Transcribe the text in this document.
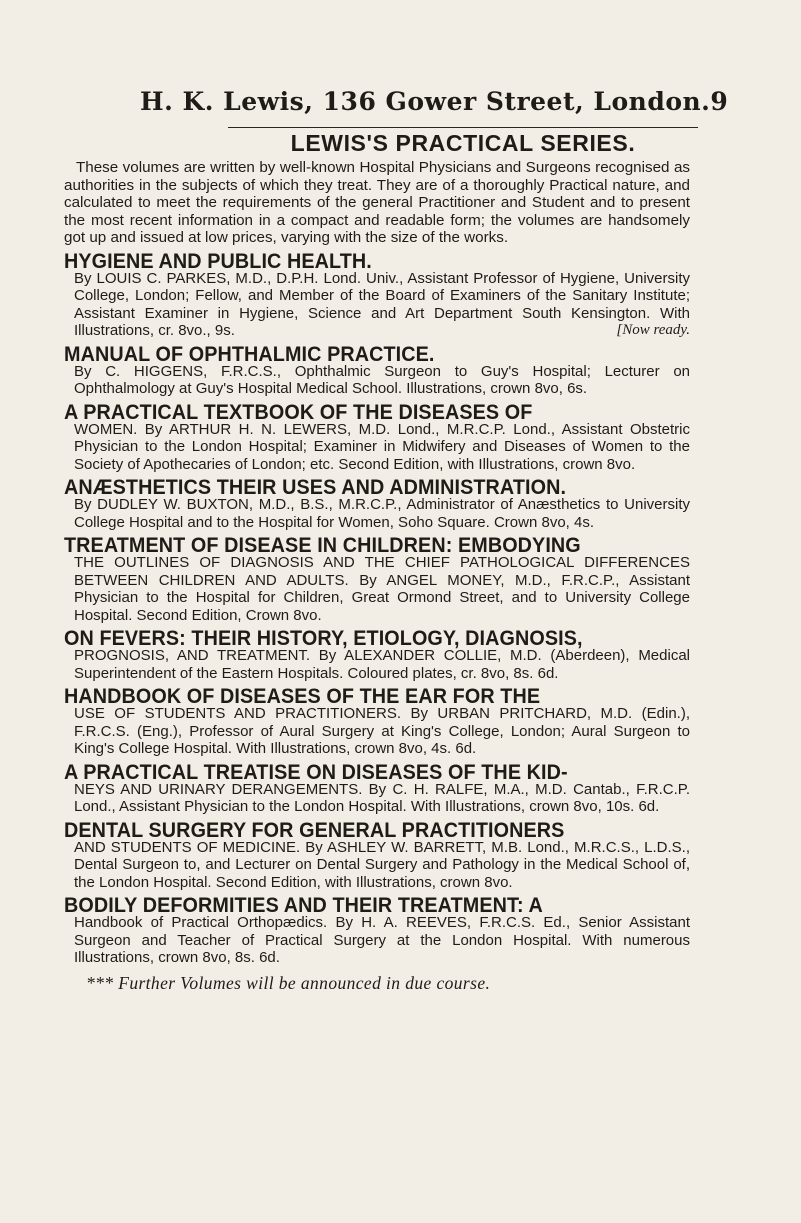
H. K. Lewis, 136 Gower Street, London. 9
LEWIS'S PRACTICAL SERIES.

These volumes are written by well-known Hospital Physicians and Surgeons recognised as authorities in the subjects of which they treat. They are of a thoroughly Practical nature, and calculated to meet the requirements of the general Practitioner and Student and to present the most recent information in a compact and readable form; the volumes are handsomely got up and issued at low prices, varying with the size of the works.

HYGIENE AND PUBLIC HEALTH.
By LOUIS C. PARKES, M.D., D.P.H. Lond. Univ., Assistant Professor of Hygiene, University College, London; Fellow, and Member of the Board of Examiners of the Sanitary Institute; Assistant Examiner in Hygiene, Science and Art Department South Kensington. With Illustrations, cr. 8vo., 9s.	[Now ready.
MANUAL OF OPHTHALMIC PRACTICE.
By C. HIGGENS, F.R.C.S., Ophthalmic Surgeon to Guy's Hospital; Lecturer on Ophthalmology at Guy's Hospital Medical School. Illustrations, crown 8vo, 6s.
A PRACTICAL TEXTBOOK OF THE DISEASES OF
WOMEN. By ARTHUR H. N. LEWERS, M.D. Lond., M.R.C.P. Lond., Assistant Obstetric Physician to the London Hospital; Examiner in Midwifery and Diseases of Women to the Society of Apothecaries of London; etc. Second Edition, with Illustrations, crown 8vo.
ANÆSTHETICS THEIR USES AND ADMINISTRATION.
By DUDLEY W. BUXTON, M.D., B.S., M.R.C.P., Administrator of Anæsthetics to University College Hospital and to the Hospital for Women, Soho Square. Crown 8vo, 4s.
TREATMENT OF DISEASE IN CHILDREN: EMBODYING
THE OUTLINES OF DIAGNOSIS AND THE CHIEF PATHOLOGICAL DIFFERENCES BETWEEN CHILDREN AND ADULTS. By ANGEL MONEY, M.D., F.R.C.P., Assistant Physician to the Hospital for Children, Great Ormond Street, and to University College Hospital. Second Edition, Crown 8vo.
ON FEVERS: THEIR HISTORY, ETIOLOGY, DIAGNOSIS,
PROGNOSIS, AND TREATMENT. By ALEXANDER COLLIE, M.D. (Aberdeen), Medical Superintendent of the Eastern Hospitals. Coloured plates, cr. 8vo, 8s. 6d.
HANDBOOK OF DISEASES OF THE EAR FOR THE
USE OF STUDENTS AND PRACTITIONERS. By URBAN PRITCHARD, M.D. (Edin.), F.R.C.S. (Eng.), Professor of Aural Surgery at King's College, London; Aural Surgeon to King's College Hospital. With Illustrations, crown 8vo, 4s. 6d.
A PRACTICAL TREATISE ON DISEASES OF THE KID-
NEYS AND URINARY DERANGEMENTS. By C. H. RALFE, M.A., M.D. Cantab., F.R.C.P. Lond., Assistant Physician to the London Hospital. With Illustrations, crown 8vo, 10s. 6d.
DENTAL SURGERY FOR GENERAL PRACTITIONERS
AND STUDENTS OF MEDICINE. By ASHLEY W. BARRETT, M.B. Lond., M.R.C.S., L.D.S., Dental Surgeon to, and Lecturer on Dental Surgery and Pathology in the Medical School of, the London Hospital. Second Edition, with Illustrations, crown 8vo.
BODILY DEFORMITIES AND THEIR TREATMENT: A
Handbook of Practical Orthopædics. By H. A. REEVES, F.R.C.S. Ed., Senior Assistant Surgeon and Teacher of Practical Surgery at the London Hospital. With numerous Illustrations, crown 8vo, 8s. 6d.
*** Further Volumes will be announced in due course.
